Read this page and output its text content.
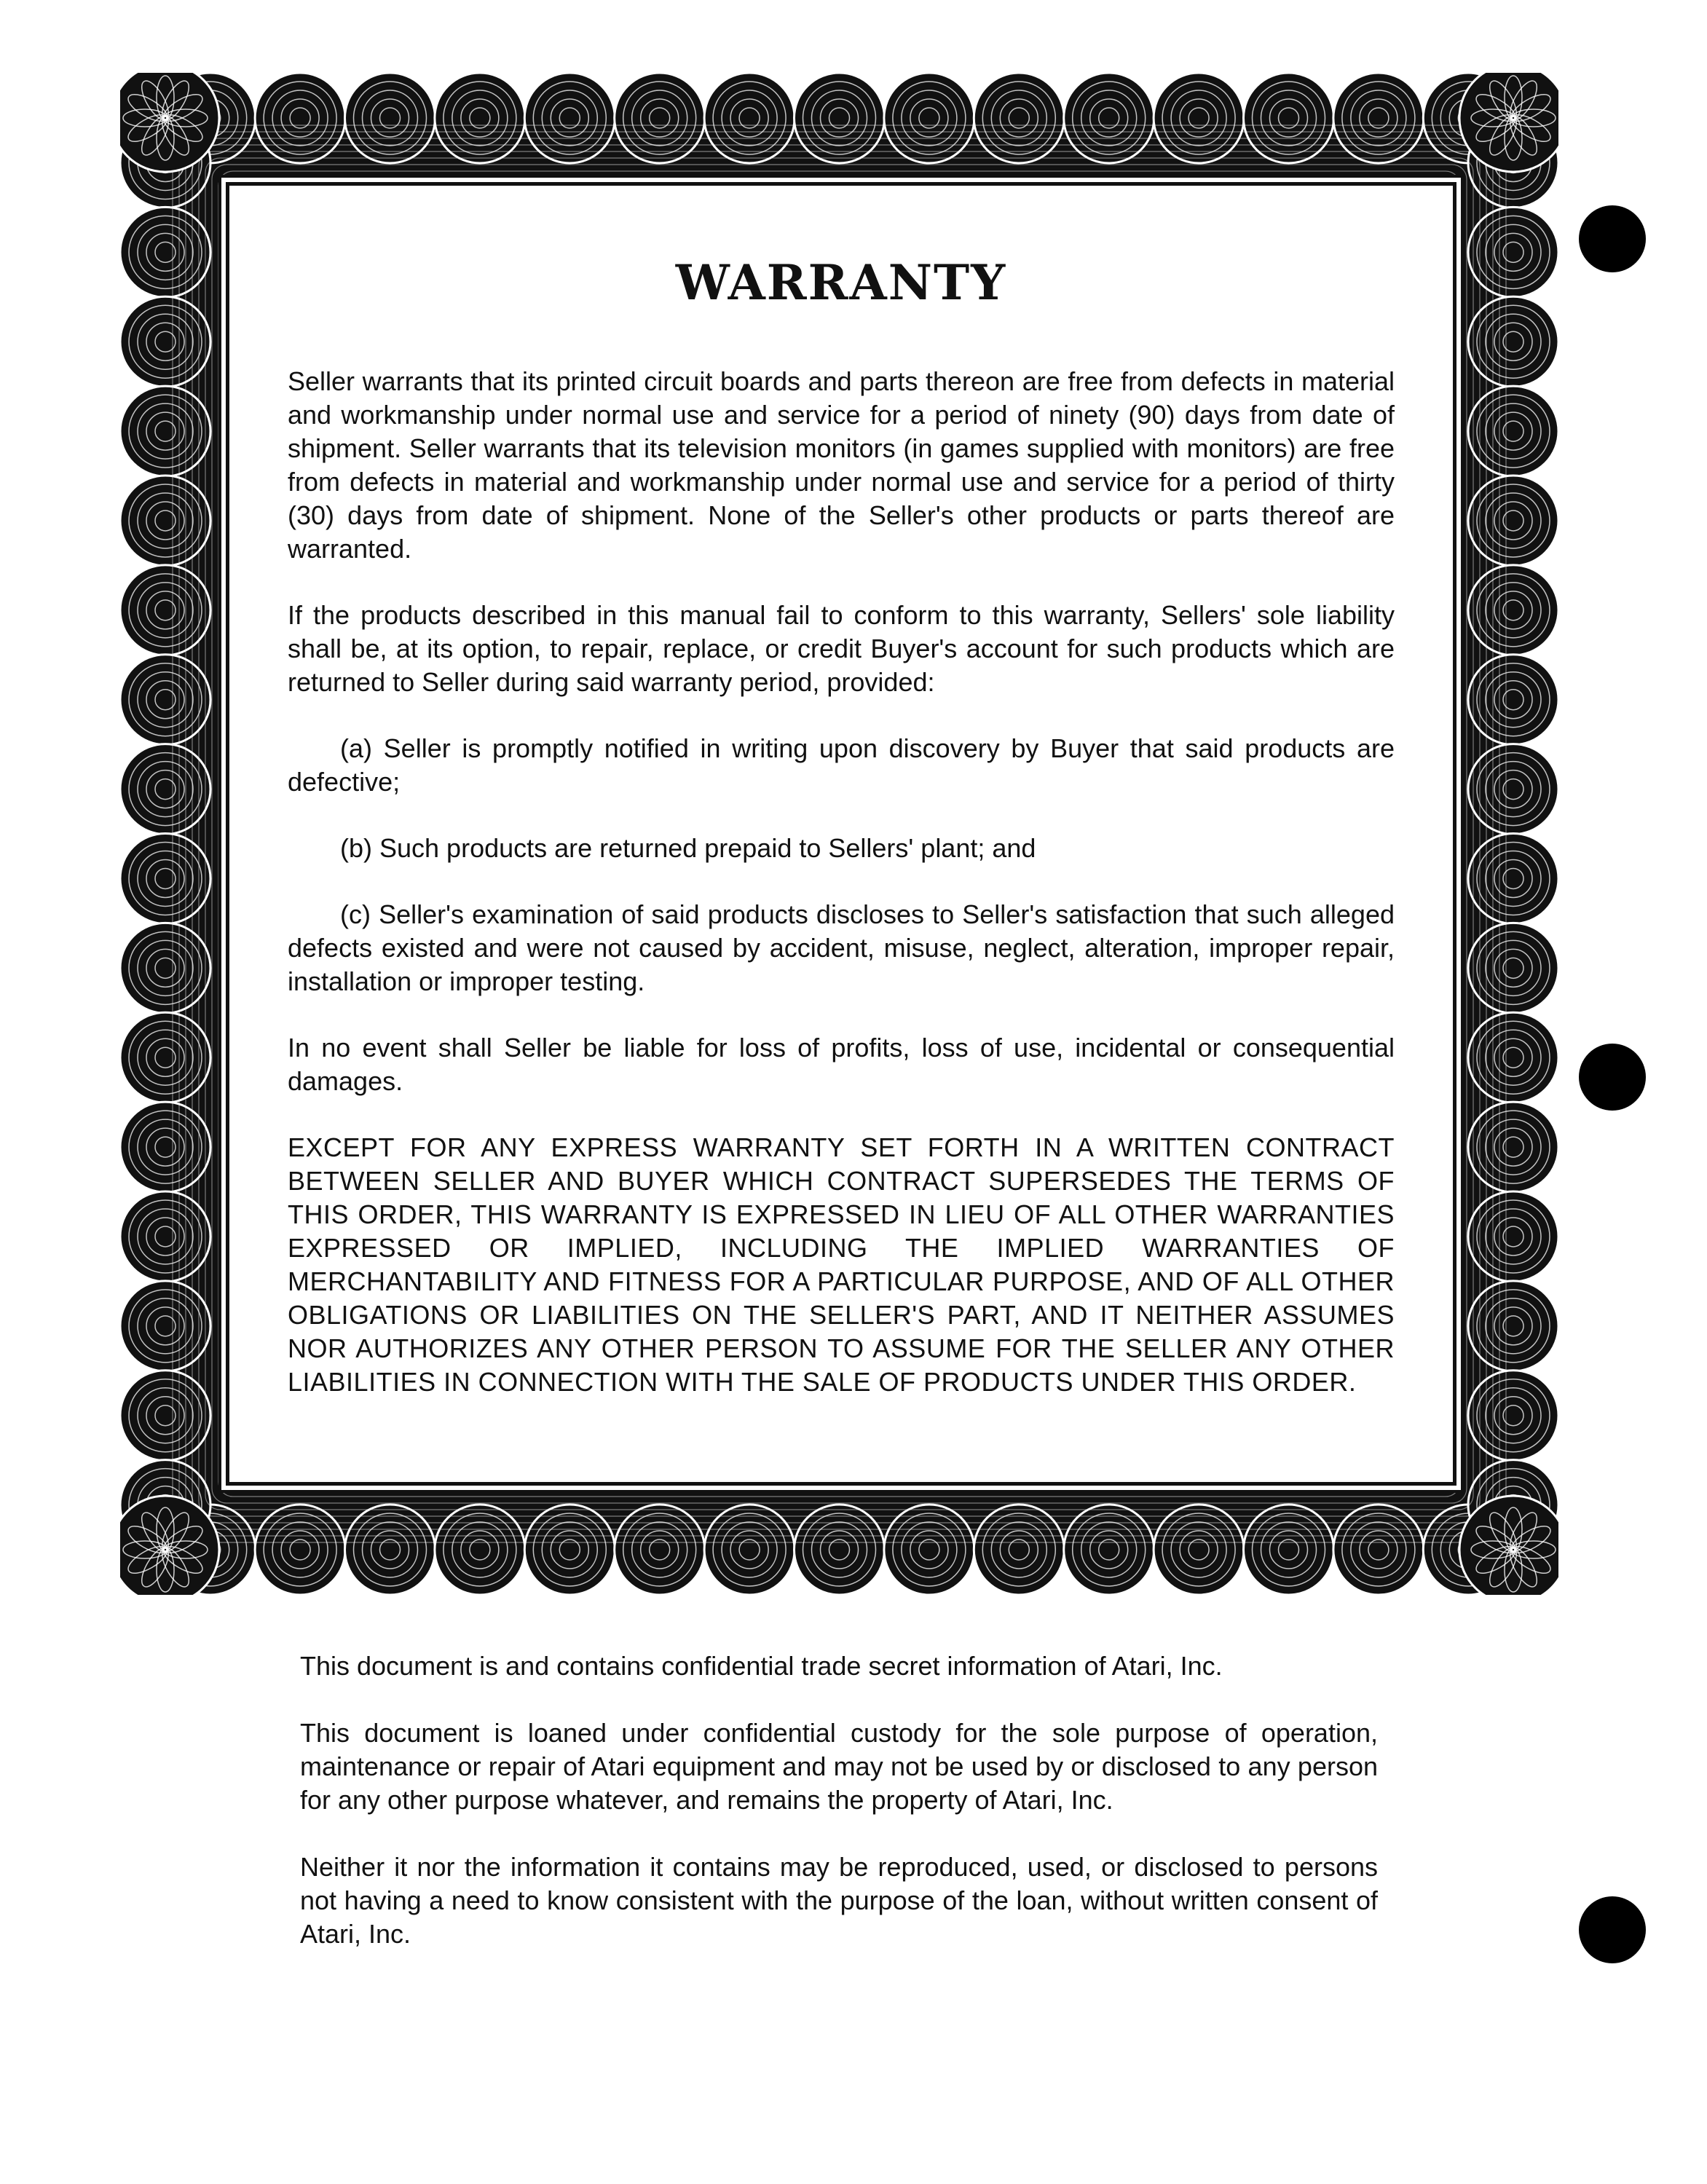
WARRANTY

Seller warrants that its printed circuit boards and parts thereon are free from defects in material and workmanship under normal use and service for a period of ninety (90) days from date of shipment. Seller warrants that its television monitors (in games supplied with monitors) are free from defects in material and workmanship under normal use and service for a period of thirty (30) days from date of shipment. None of the Seller's other products or parts thereof are warranted.

If the products described in this manual fail to conform to this warranty, Sellers' sole liability shall be, at its option, to repair, replace, or credit Buyer's account for such products which are returned to Seller during said warranty period, provided:

(a) Seller is promptly notified in writing upon discovery by Buyer that said products are defective;

(b) Such products are returned prepaid to Sellers' plant; and

(c) Seller's examination of said products discloses to Seller's satisfaction that such alleged defects existed and were not caused by accident, misuse, neglect, alteration, improper repair, installation or improper testing.

In no event shall Seller be liable for loss of profits, loss of use, incidental or consequential damages.

EXCEPT FOR ANY EXPRESS WARRANTY SET FORTH IN A WRITTEN CONTRACT BETWEEN SELLER AND BUYER WHICH CONTRACT SUPERSEDES THE TERMS OF THIS ORDER, THIS WARRANTY IS EXPRESSED IN LIEU OF ALL OTHER WARRANTIES EXPRESSED OR IMPLIED, INCLUDING THE IMPLIED WARRANTIES OF MERCHANTABILITY AND FITNESS FOR A PARTICULAR PURPOSE, AND OF ALL OTHER OBLIGATIONS OR LIABILITIES ON THE SELLER'S PART, AND IT NEITHER ASSUMES NOR AUTHORIZES ANY OTHER PERSON TO ASSUME FOR THE SELLER ANY OTHER LIABILITIES IN CONNECTION WITH THE SALE OF PRODUCTS UNDER THIS ORDER.

This document is and contains confidential trade secret information of Atari, Inc.

This document is loaned under confidential custody for the sole purpose of operation, maintenance or repair of Atari equipment and may not be used by or disclosed to any person for any other purpose whatever, and remains the property of Atari, Inc.

Neither it nor the information it contains may be reproduced, used, or disclosed to persons not having a need to know consistent with the purpose of the loan, without written consent of Atari, Inc.
